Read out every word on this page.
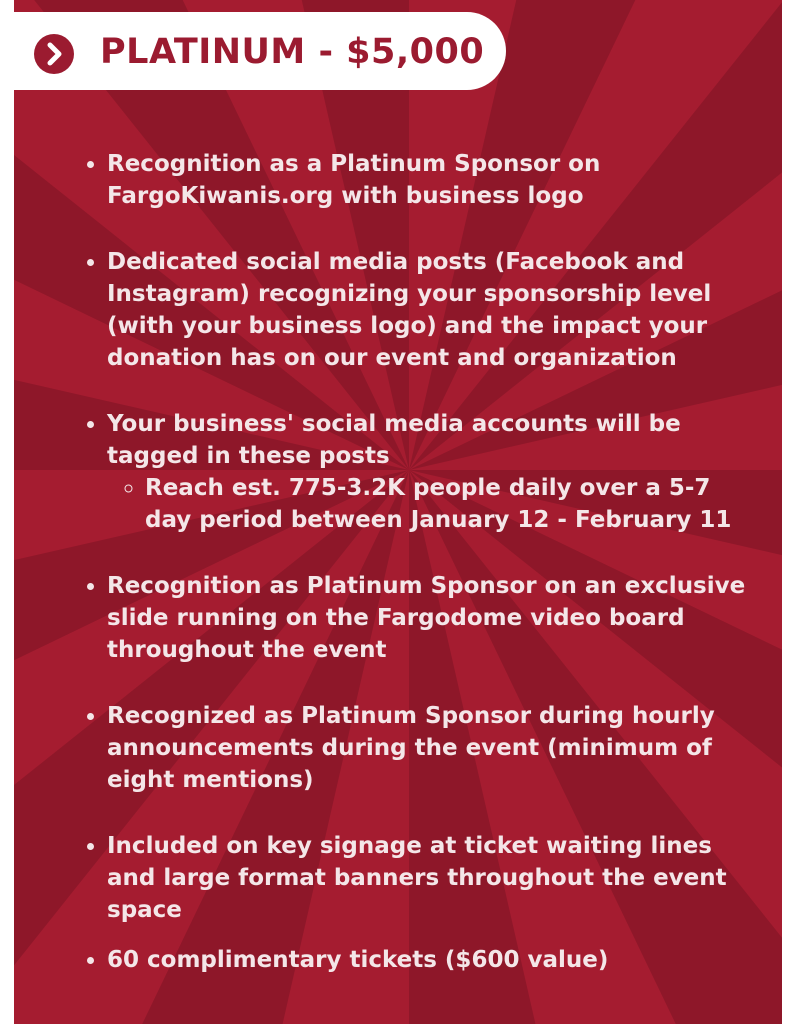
PLATINUM - $5,000
• Recognition as a Platinum Sponsor on FargoKiwanis.org with business logo
• Dedicated social media posts (Facebook and Instagram) recognizing your sponsorship level (with your business logo) and the impact your donation has on our event and organization
• Your business' social media accounts will be tagged in these posts
◦ Reach est. 775-3.2K people daily over a 5-7 day period between January 12 - February 11
• Recognition as Platinum Sponsor on an exclusive slide running on the Fargodome video board throughout the event
• Recognized as Platinum Sponsor during hourly announcements during the event (minimum of eight mentions)
• Included on key signage at ticket waiting lines and large format banners throughout the event space
• 60 complimentary tickets ($600 value)
